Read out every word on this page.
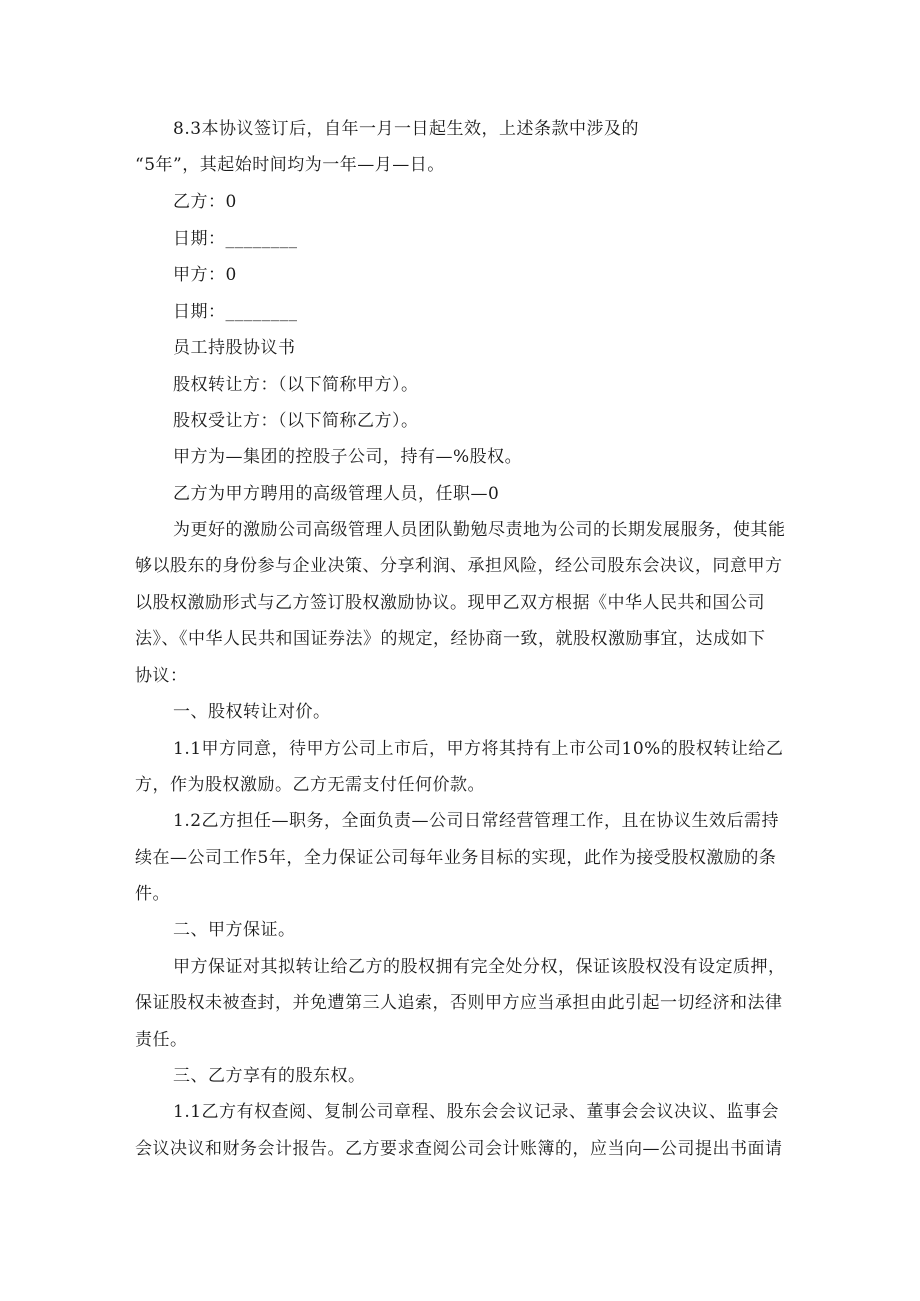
8.3本协议签订后，自年一月一日起生效，上述条款中涉及的
“5年”，其起始时间均为一年—月—日。
乙方：0
日期：________
甲方：0
日期：________
员工持股协议书
股权转让方：（以下简称甲方）。
股权受让方：（以下简称乙方）。
甲方为—集团的控股子公司，持有—%股权。
乙方为甲方聘用的高级管理人员，任职—0
为更好的激励公司高级管理人员团队勤勉尽责地为公司的长期发展服务，使其能
够以股东的身份参与企业决策、分享利润、承担风险，经公司股东会决议，同意甲方
以股权激励形式与乙方签订股权激励协议。现甲乙双方根据《中华人民共和国公司
法》、《中华人民共和国证券法》的规定，经协商一致，就股权激励事宜，达成如下
协议：
一、股权转让对价。
1.1甲方同意，待甲方公司上市后，甲方将其持有上市公司10%的股权转让给乙
方，作为股权激励。乙方无需支付任何价款。
1.2乙方担任—职务，全面负责—公司日常经营管理工作，且在协议生效后需持
续在—公司工作5年，全力保证公司每年业务目标的实现，此作为接受股权激励的条
件。
二、甲方保证。
甲方保证对其拟转让给乙方的股权拥有完全处分权，保证该股权没有设定质押，
保证股权未被查封，并免遭第三人追索，否则甲方应当承担由此引起一切经济和法律
责任。
三、乙方享有的股东权。
1.1乙方有权查阅、复制公司章程、股东会会议记录、董事会会议决议、监事会
会议决议和财务会计报告。乙方要求查阅公司会计账簿的，应当向—公司提出书面请
